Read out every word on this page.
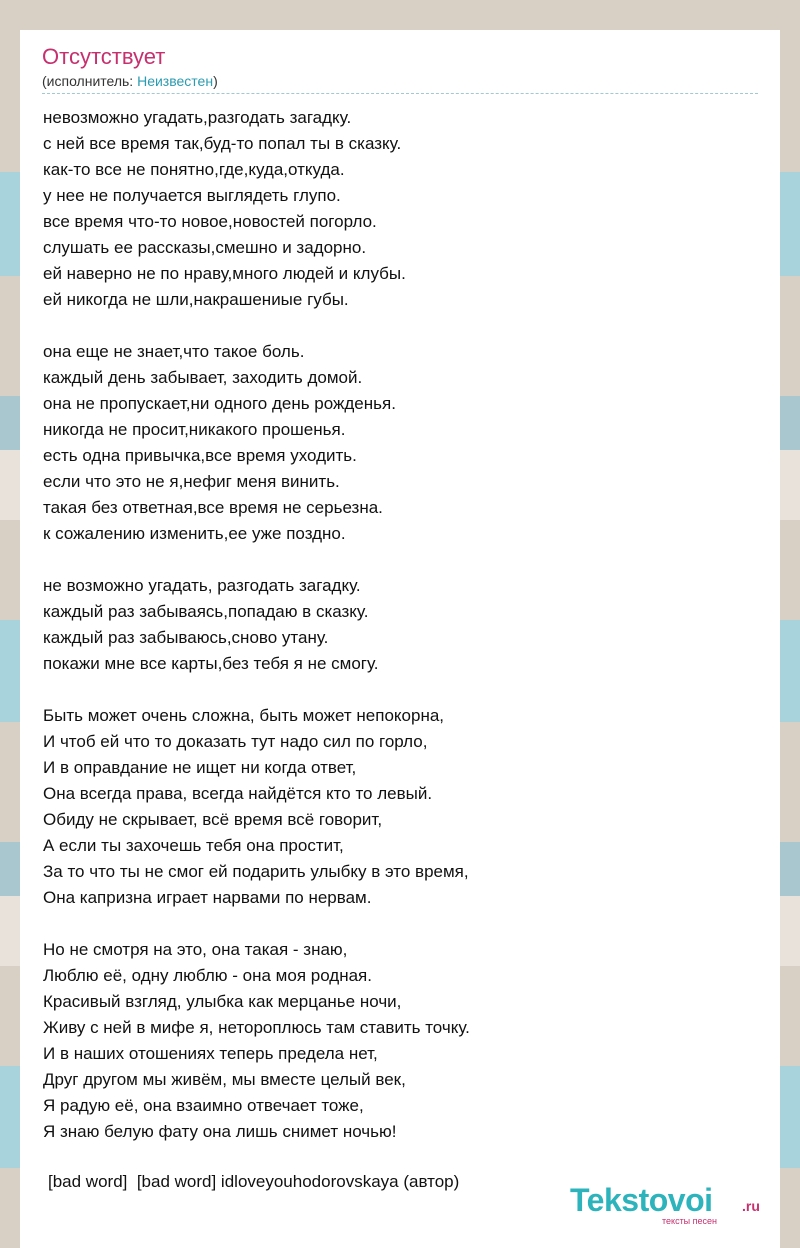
Отсутствует
(исполнитель: Неизвестен)
невозможно угадать,разгодать загадку.
с ней все время так,буд-то попал ты в сказку.
как-то все не понятно,где,куда,откуда.
у нее не получается выглядеть глупо.
все время что-то новое,новостей погорло.
слушать ее рассказы,смешно и задорно.
ей наверно не по нраву,много людей и клубы.
ей никогда не шли,накрашениые губы.
она еще не знает,что такое боль.
каждый день забывает, заходить домой.
она не пропускает,ни одного день рожденья.
никогда не просит,никакого прошенья.
есть одна привычка,все время уходить.
если что это не я,нефиг меня винить.
такая без ответная,все время не серьезна.
к сожалению изменить,ее уже поздно.
не возможно угадать, разгодать загадку.
каждый раз забываясь,попадаю в сказку.
каждый раз забываюсь,сново утану.
покажи мне все карты,без тебя я не смогу.
Быть может очень сложна, быть может непокорна,
И чтоб ей что то доказать тут надо сил по горло,
И в оправдание не ищет ни когда ответ,
Она всегда права, всегда найдётся кто то левый.
Обиду не скрывает, всё время всё говорит,
А если ты захочешь тебя она простит,
За то что ты не смог ей подарить улыбку в это время,
Она капризна играет нарвами по нервам.
Но не смотря на это, она такая - знаю,
Люблю её, одну люблю - она моя родная.
Красивый взгляд, улыбка как мерцанье ночи,
Живу с ней в мифе я, нетороплюсь там ставить точку.
И в наших отошениях теперь предела нет,
Друг другом мы живём, мы вместе целый век,
Я радую её, она взаимно отвечает тоже,
Я знаю белую фату она лишь снимет ночью!
[bad word]  [bad word] idloveyouhodorovskaya (автор)
Tekstovoi .ru
тексты песен
